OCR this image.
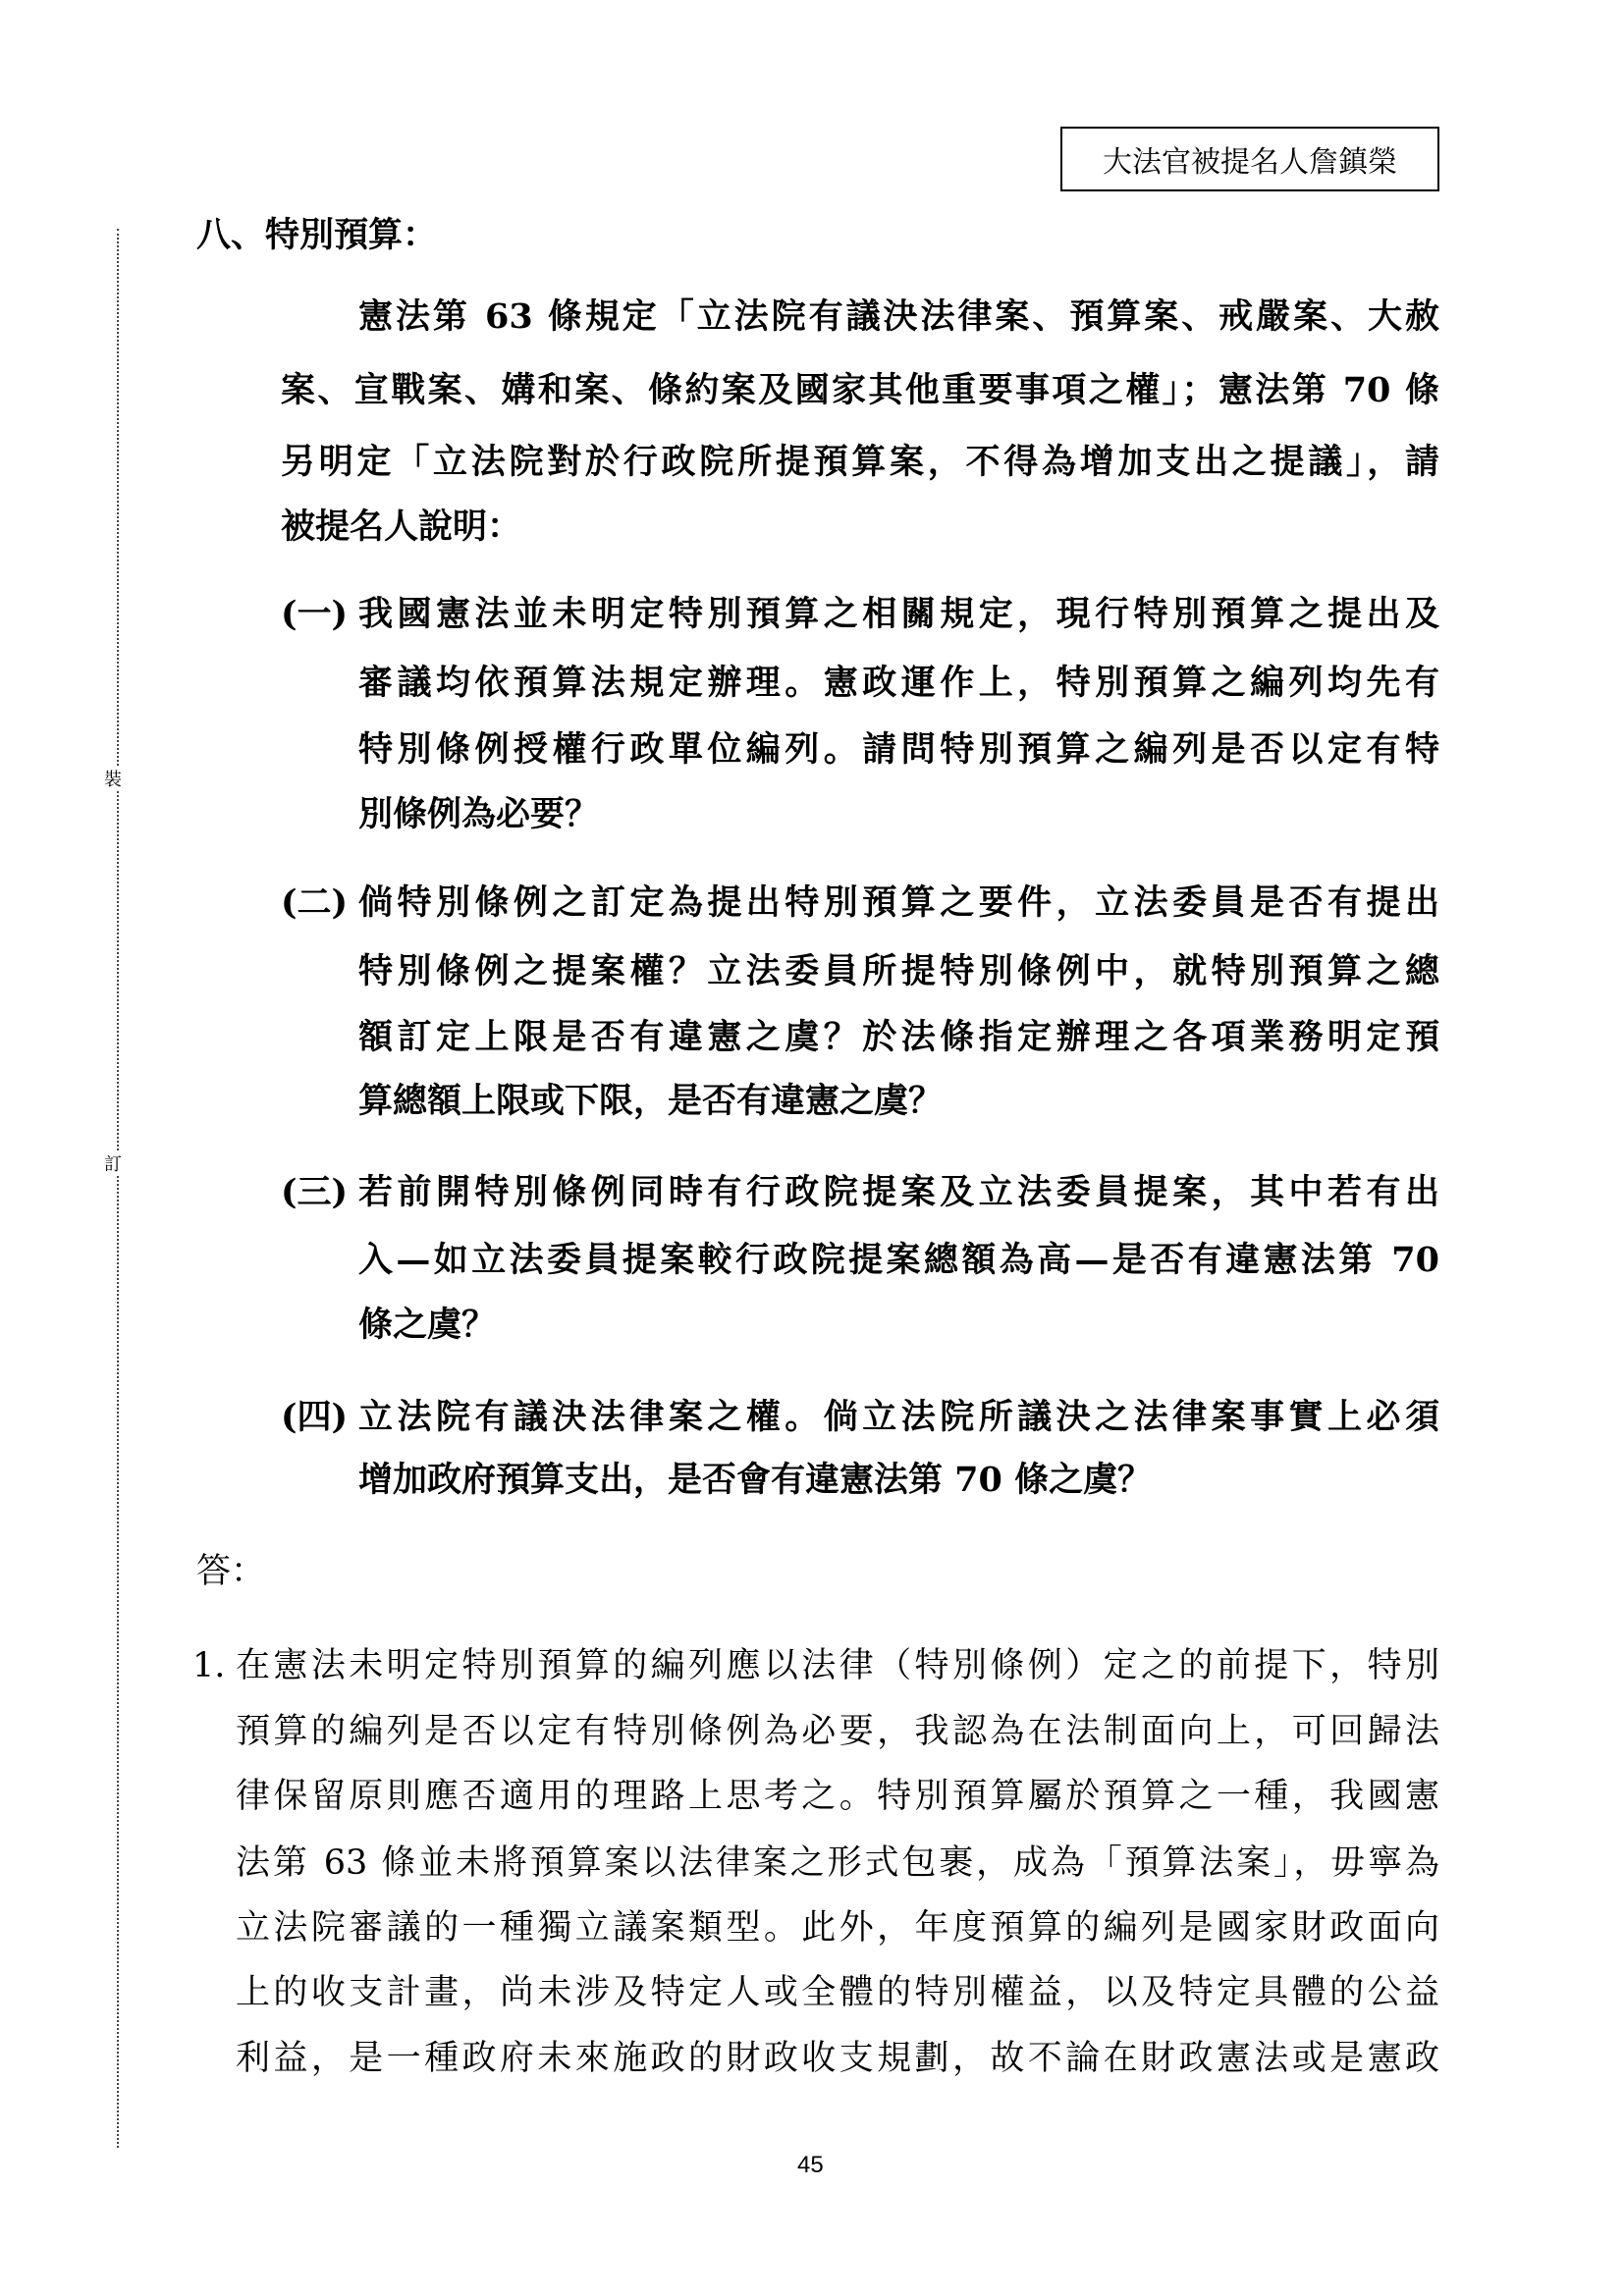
大法官被提名人詹鎮榮
裝
訂
八、特別預算：
憲法第 63 條規定「立法院有議決法律案、預算案、戒嚴案、大赦
案、宣戰案、媾和案、條約案及國家其他重要事項之權」；憲法第 70 條
另明定「立法院對於行政院所提預算案，不得為增加支出之提議」，請
被提名人說明：
(一) 我國憲法並未明定特別預算之相關規定，現行特別預算之提出及
審議均依預算法規定辦理。憲政運作上，特別預算之編列均先有
特別條例授權行政單位編列。請問特別預算之編列是否以定有特
別條例為必要？
(二) 倘特別條例之訂定為提出特別預算之要件，立法委員是否有提出
特別條例之提案權？立法委員所提特別條例中，就特別預算之總
額訂定上限是否有違憲之虞？於法條指定辦理之各項業務明定預
算總額上限或下限，是否有違憲之虞？
(三) 若前開特別條例同時有行政院提案及立法委員提案，其中若有出
入—如立法委員提案較行政院提案總額為高—是否有違憲法第 70
條之虞？
(四) 立法院有議決法律案之權。倘立法院所議決之法律案事實上必須
增加政府預算支出，是否會有違憲法第 70 條之虞？
答：
1. 在憲法未明定特別預算的編列應以法律（特別條例）定之的前提下，特別
預算的編列是否以定有特別條例為必要，我認為在法制面向上，可回歸法
律保留原則應否適用的理路上思考之。特別預算屬於預算之一種，我國憲
法第 63 條並未將預算案以法律案之形式包裹，成為「預算法案」，毋寧為
立法院審議的一種獨立議案類型。此外，年度預算的編列是國家財政面向
上的收支計畫，尚未涉及特定人或全體的特別權益，以及特定具體的公益
利益，是一種政府未來施政的財政收支規劃，故不論在財政憲法或是憲政
45
